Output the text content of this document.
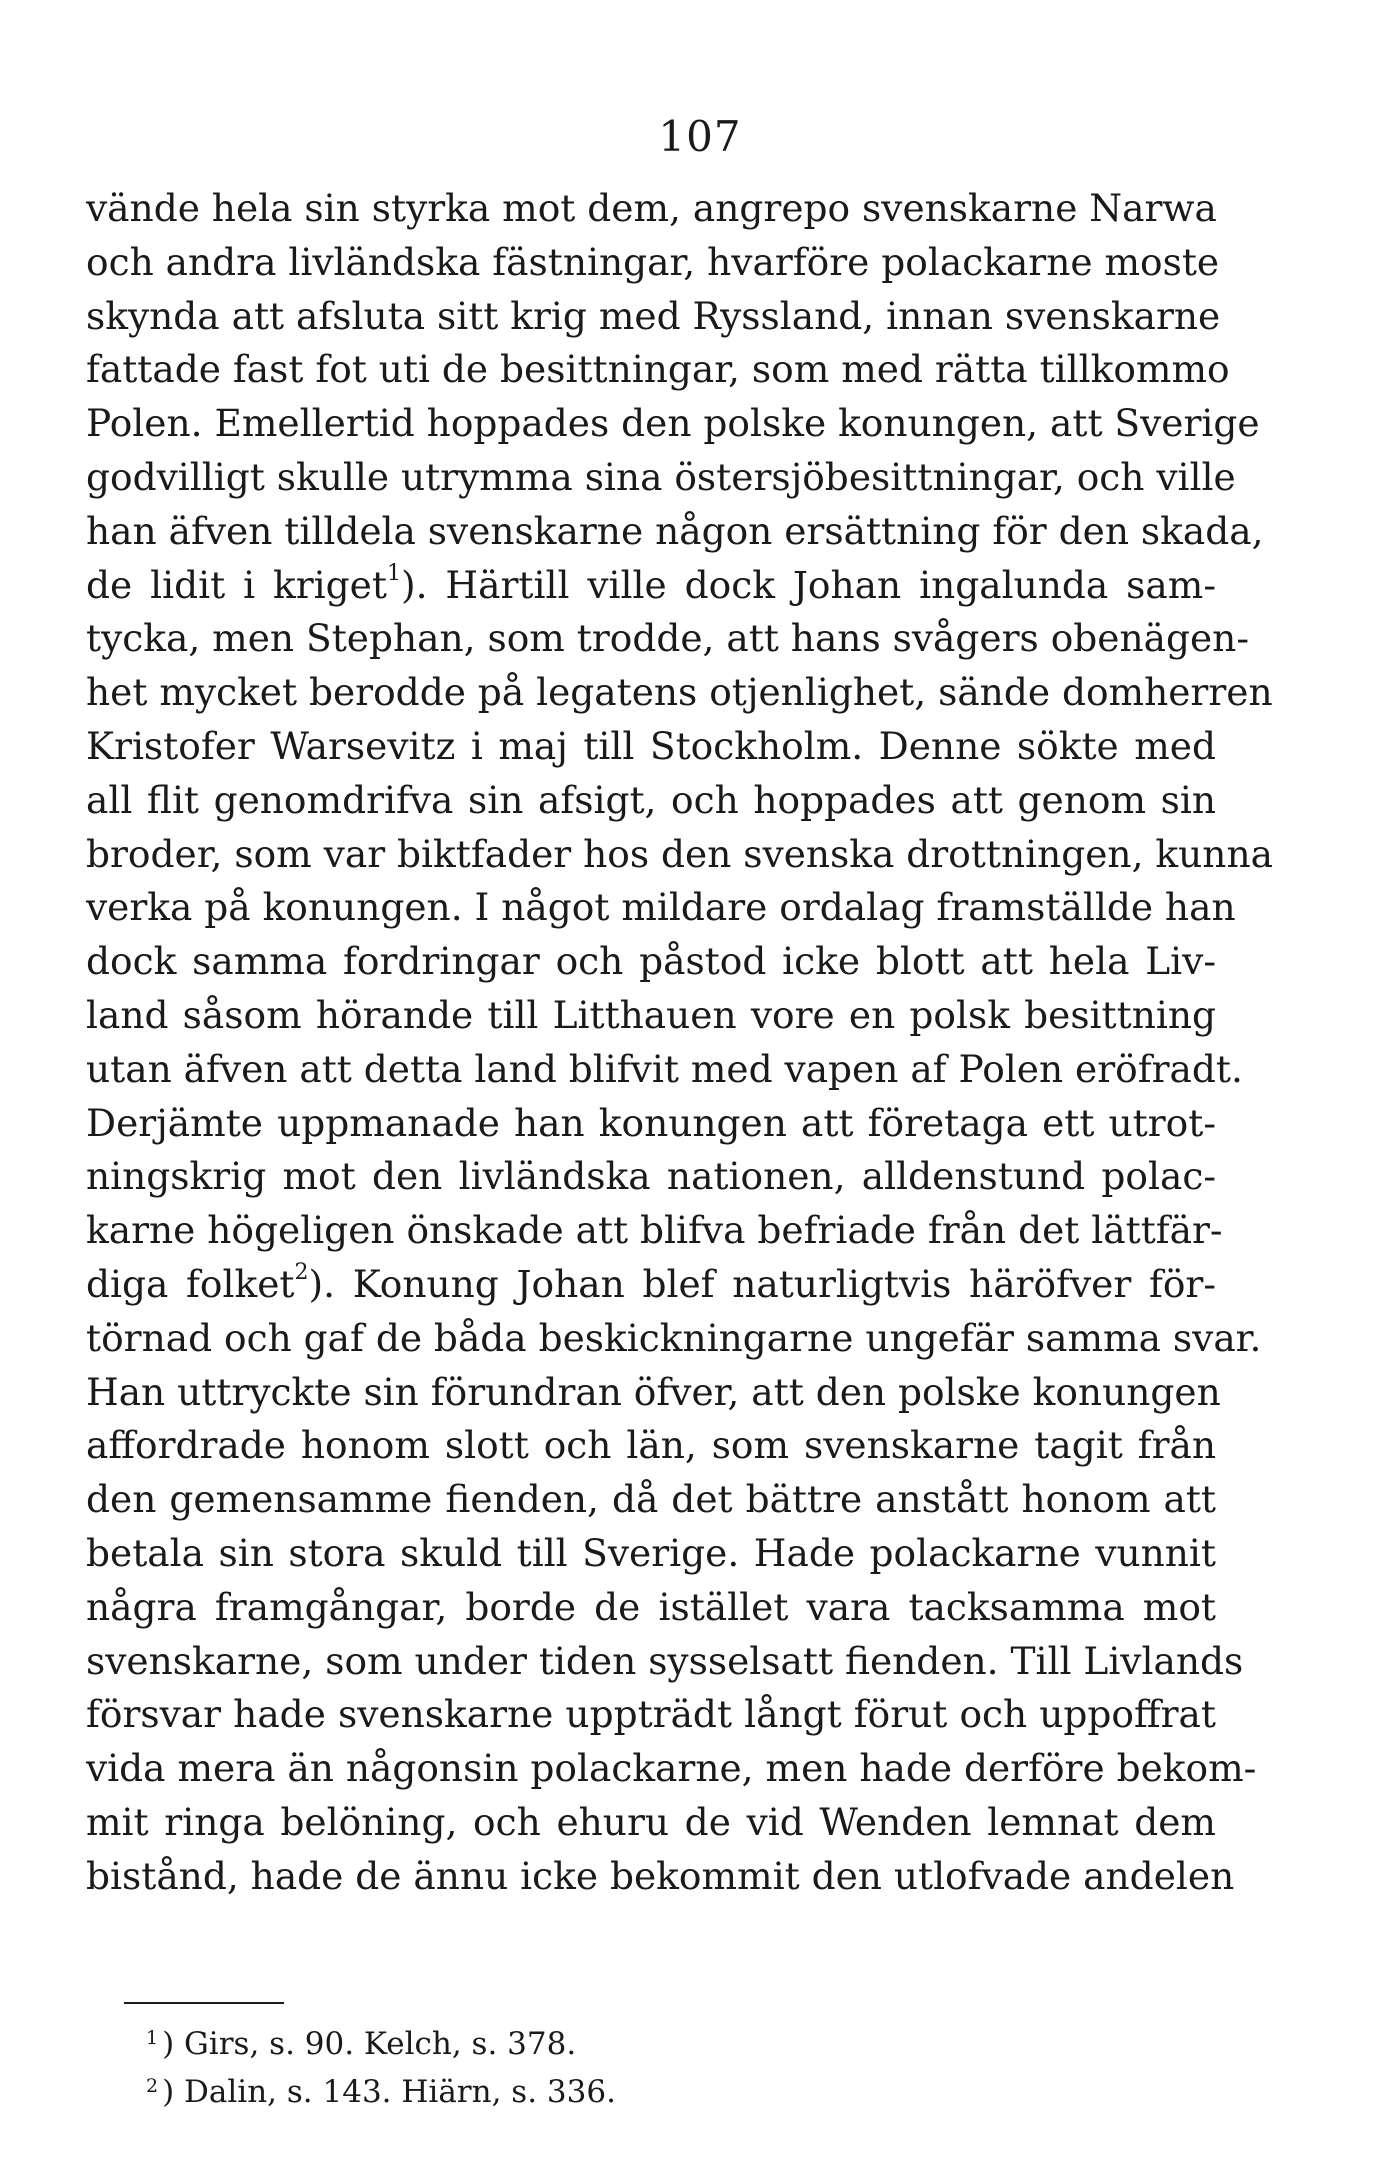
107
vände hela sin styrka mot dem, angrepo svenskarne Narwa
och andra livländska fästningar, hvarföre polackarne moste
skynda att afsluta sitt krig med Ryssland, innan svenskarne
fattade fast fot uti de besittningar, som med rätta tillkommo
Polen. Emellertid hoppades den polske konungen, att Sverige
godvilligt skulle utrymma sina östersjöbesittningar, och ville
han äfven tilldela svenskarne någon ersättning för den skada,
de lidit i kriget$^1$). Härtill ville dock Johan ingalunda sam-
tycka, men Stephan, som trodde, att hans svågers obenägen-
het mycket berodde på legatens otjenlighet, sände domherren
Kristofer Warsevitz i maj till Stockholm. Denne sökte med
all flit genomdrifva sin afsigt, och hoppades att genom sin
broder, som var biktfader hos den svenska drottningen, kunna
verka på konungen. I något mildare ordalag framställde han
dock samma fordringar och påstod icke blott att hela Liv-
land såsom hörande till Litthauen vore en polsk besittning
utan äfven att detta land blifvit med vapen af Polen eröfradt.
Derjämte uppmanade han konungen att företaga ett utrot-
ningskrig mot den livländska nationen, alldenstund polac-
karne högeligen önskade att blifva befriade från det lättfär-
diga folket$^2$). Konung Johan blef naturligtvis häröfver för-
törnad och gaf de båda beskickningarne ungefär samma svar.
Han uttryckte sin förundran öfver, att den polske konungen
affordrade honom slott och län, som svenskarne tagit från
den gemensamme fienden, då det bättre anstått honom att
betala sin stora skuld till Sverige. Hade polackarne vunnit
några framgångar, borde de istället vara tacksamma mot
svenskarne, som under tiden sysselsatt fienden. Till Livlands
försvar hade svenskarne uppträdt långt förut och uppoffrat
vida mera än någonsin polackarne, men hade derföre bekom-
mit ringa belöning, och ehuru de vid Wenden lemnat dem
bistånd, hade de ännu icke bekommit den utlofvade andelen
$^1$ ) Girs, s. 90. Kelch, s. 378.
$^2$ ) Dalin, s. 143. Hiärn, s. 336.
